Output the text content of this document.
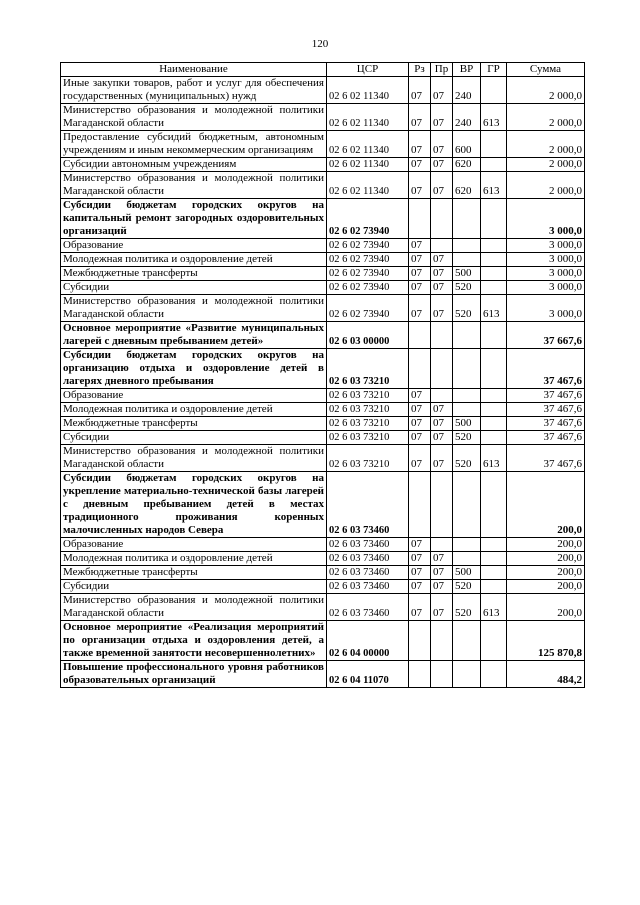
120
Наименование	ЦСР	Рз	Пр	ВР	ГР	Сумма
Иные закупки товаров, работ и услуг для обеспечения государственных (муниципальных) нужд	02 6 02 11340	07	07	240		2 000,0
Министерство образования и молодежной политики Магаданской области	02 6 02 11340	07	07	240	613	2 000,0
Предоставление субсидий бюджетным, автономным учреждениям и иным некоммерческим организациям	02 6 02 11340	07	07	600		2 000,0
Субсидии автономным учреждениям	02 6 02 11340	07	07	620		2 000,0
Министерство образования и молодежной политики Магаданской области	02 6 02 11340	07	07	620	613	2 000,0
Субсидии бюджетам городских округов на капитальный ремонт загородных оздоровительных организаций	02 6 02 73940					3 000,0
Образование	02 6 02 73940	07				3 000,0
Молодежная политика и оздоровление детей	02 6 02 73940	07	07			3 000,0
Межбюджетные трансферты	02 6 02 73940	07	07	500		3 000,0
Субсидии	02 6 02 73940	07	07	520		3 000,0
Министерство образования и молодежной политики Магаданской области	02 6 02 73940	07	07	520	613	3 000,0
Основное мероприятие «Развитие муниципальных лагерей с дневным пребыванием детей»	02 6 03 00000					37 667,6
Субсидии бюджетам городских округов на организацию отдыха и оздоровление детей в лагерях дневного пребывания	02 6 03 73210					37 467,6
Образование	02 6 03 73210	07				37 467,6
Молодежная политика и оздоровление детей	02 6 03 73210	07	07			37 467,6
Межбюджетные трансферты	02 6 03 73210	07	07	500		37 467,6
Субсидии	02 6 03 73210	07	07	520		37 467,6
Министерство образования и молодежной политики Магаданской области	02 6 03 73210	07	07	520	613	37 467,6
Субсидии бюджетам городских округов на укрепление материально-технической базы лагерей с дневным пребыванием детей в местах традиционного проживания коренных малочисленных народов Севера	02 6 03 73460					200,0
Образование	02 6 03 73460	07				200,0
Молодежная политика и оздоровление детей	02 6 03 73460	07	07			200,0
Межбюджетные трансферты	02 6 03 73460	07	07	500		200,0
Субсидии	02 6 03 73460	07	07	520		200,0
Министерство образования и молодежной политики Магаданской области	02 6 03 73460	07	07	520	613	200,0
Основное мероприятие «Реализация мероприятий по организации отдыха и оздоровления детей, а также временной занятости несовершеннолетних»	02 6 04 00000					125 870,8
Повышение профессионального уровня работников образовательных организаций	02 6 04 11070					484,2
